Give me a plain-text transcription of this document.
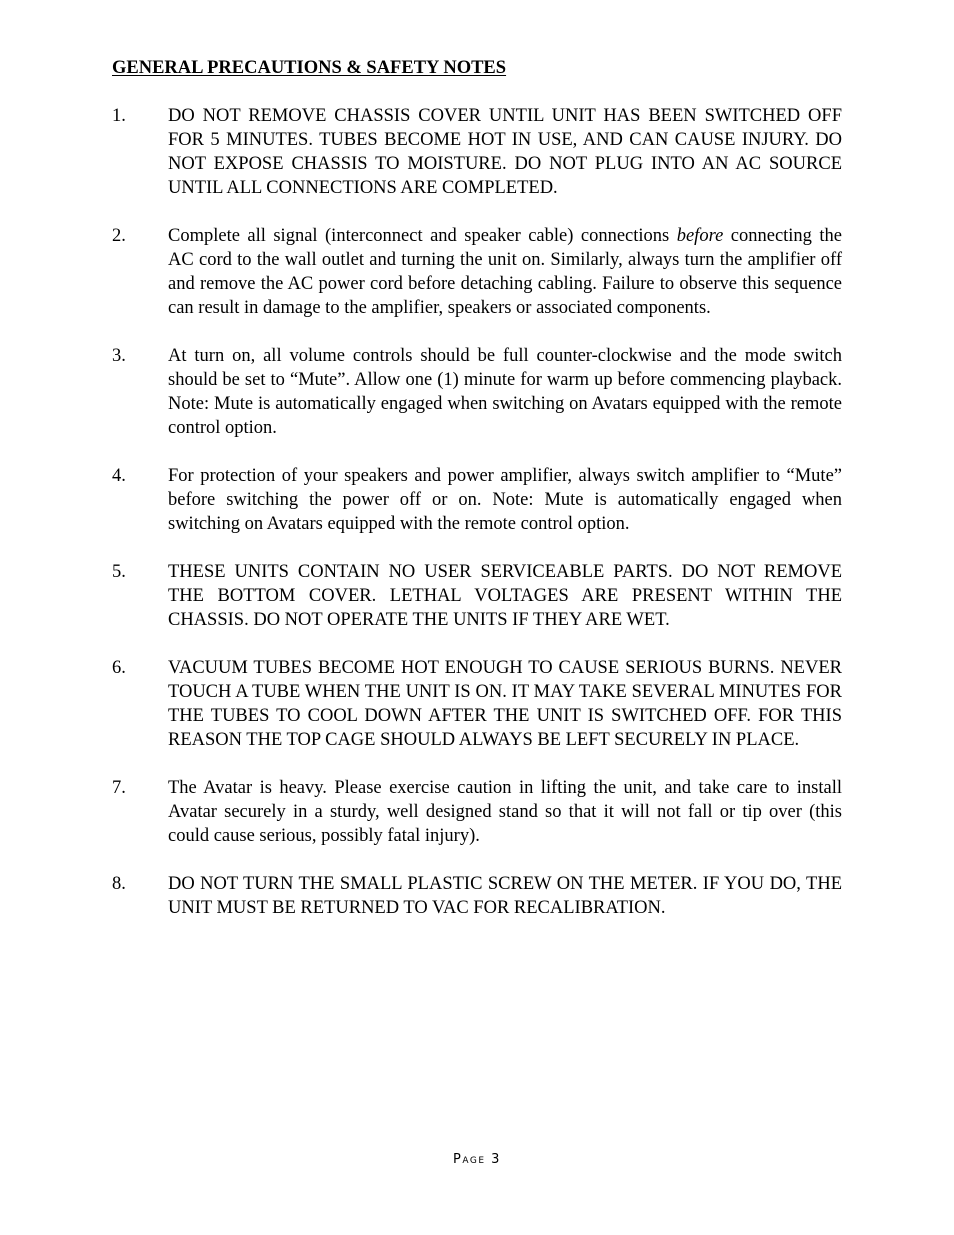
GENERAL PRECAUTIONS & SAFETY NOTES
1.	DO NOT REMOVE CHASSIS COVER UNTIL UNIT HAS BEEN SWITCHED OFF FOR 5 MINUTES. TUBES BECOME HOT IN USE, AND CAN CAUSE INJURY. DO NOT EXPOSE CHASSIS TO MOISTURE. DO NOT PLUG INTO AN AC SOURCE UNTIL ALL CONNECTIONS ARE COMPLETED.
2.	Complete all signal (interconnect and speaker cable) connections before connecting the AC cord to the wall outlet and turning the unit on. Similarly, always turn the amplifier off and remove the AC power cord before detaching cabling. Failure to observe this sequence can result in damage to the amplifier, speakers or associated components.
3.	At turn on, all volume controls should be full counter-clockwise and the mode switch should be set to “Mute”. Allow one (1) minute for warm up before commencing playback. Note: Mute is automatically engaged when switching on Avatars equipped with the remote control option.
4.	For protection of your speakers and power amplifier, always switch amplifier to “Mute” before switching the power off or on. Note: Mute is automatically engaged when switching on Avatars equipped with the remote control option.
5.	THESE UNITS CONTAIN NO USER SERVICEABLE PARTS. DO NOT REMOVE THE BOTTOM COVER. LETHAL VOLTAGES ARE PRESENT WITHIN THE CHASSIS. DO NOT OPERATE THE UNITS IF THEY ARE WET.
6.	VACUUM TUBES BECOME HOT ENOUGH TO CAUSE SERIOUS BURNS. NEVER TOUCH A TUBE WHEN THE UNIT IS ON. IT MAY TAKE SEVERAL MINUTES FOR THE TUBES TO COOL DOWN AFTER THE UNIT IS SWITCHED OFF. FOR THIS REASON THE TOP CAGE SHOULD ALWAYS BE LEFT SECURELY IN PLACE.
7.	The Avatar is heavy. Please exercise caution in lifting the unit, and take care to install Avatar securely in a sturdy, well designed stand so that it will not fall or tip over (this could cause serious, possibly fatal injury).
8.	DO NOT TURN THE SMALL PLASTIC SCREW ON THE METER. IF YOU DO, THE UNIT MUST BE RETURNED TO VAC FOR RECALIBRATION.
Page 3
